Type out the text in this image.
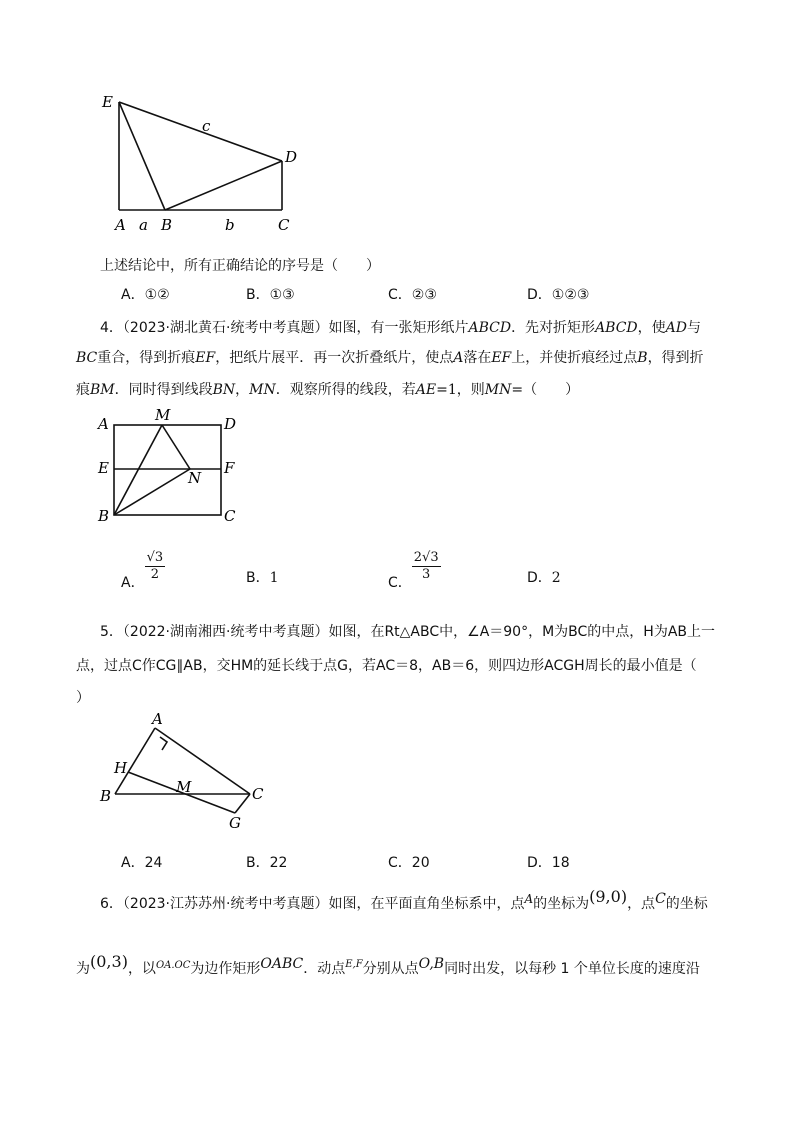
E
c
D
A a B	b	C
上述结论中，所有正确结论的序号是（　　）
A．①②	B．①③	C．②③	D．①②③
4．（2023·湖北黄石·统考中考真题）如图，有一张矩形纸片ABCD．先对折矩形ABCD，使AD与
BC重合，得到折痕EF，把纸片展平．再一次折叠纸片，使点A落在EF上，并使折痕经过点B，得到折
痕BM．同时得到线段BN，MN．观察所得的线段，若AE=1，则MN=（　　）
A	M	D
E	F
N
B	C
A． $\frac{√3}{2}$	B．1	C． $\frac{2√3}{3}$	D．2
5．（2022·湖南湘西·统考中考真题）如图，在Rt△ABC中，∠A＝90°，M为BC的中点，H为AB上一
点，过点C作CG∥AB，交HM的延长线于点G，若AC＝8，AB＝6，则四边形ACGH周长的最小值是（
）
A
H
B	M	C
G
A．24	B．22	C．20	D．18
6．（2023·江苏苏州·统考中考真题）如图，在平面直角坐标系中，点A的坐标为(9,0)，点C的坐标
为(0,3)，以$^{OA.OC}$为边作矩形OABC．动点$^{E,F}$分别从点O,B同时出发，以每秒 1 个单位长度的速度沿
